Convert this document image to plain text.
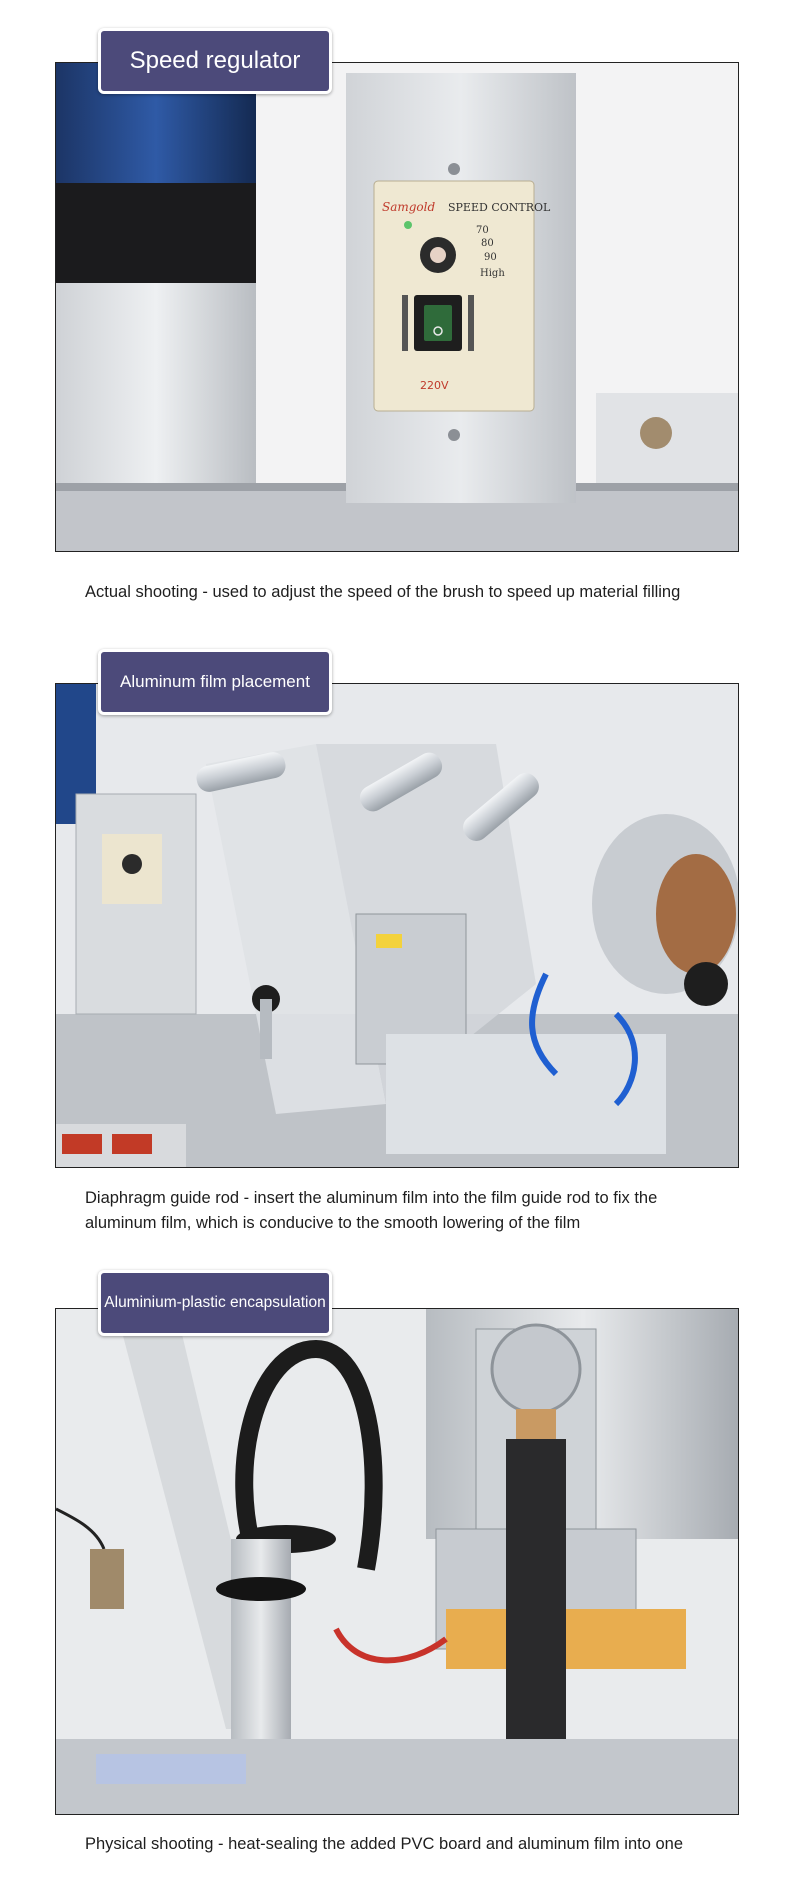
Speed regulator
Samgold SPEED CONTROL
70
80
90
High
220V
Actual shooting - used to adjust the speed of the brush to speed up material filling
Aluminum film placement
Diaphragm guide rod - insert the aluminum film into the film guide rod to fix the aluminum film, which is conducive to the smooth lowering of the film
Aluminium-plastic encapsulation
Physical shooting - heat-sealing the added PVC board and aluminum film into one
